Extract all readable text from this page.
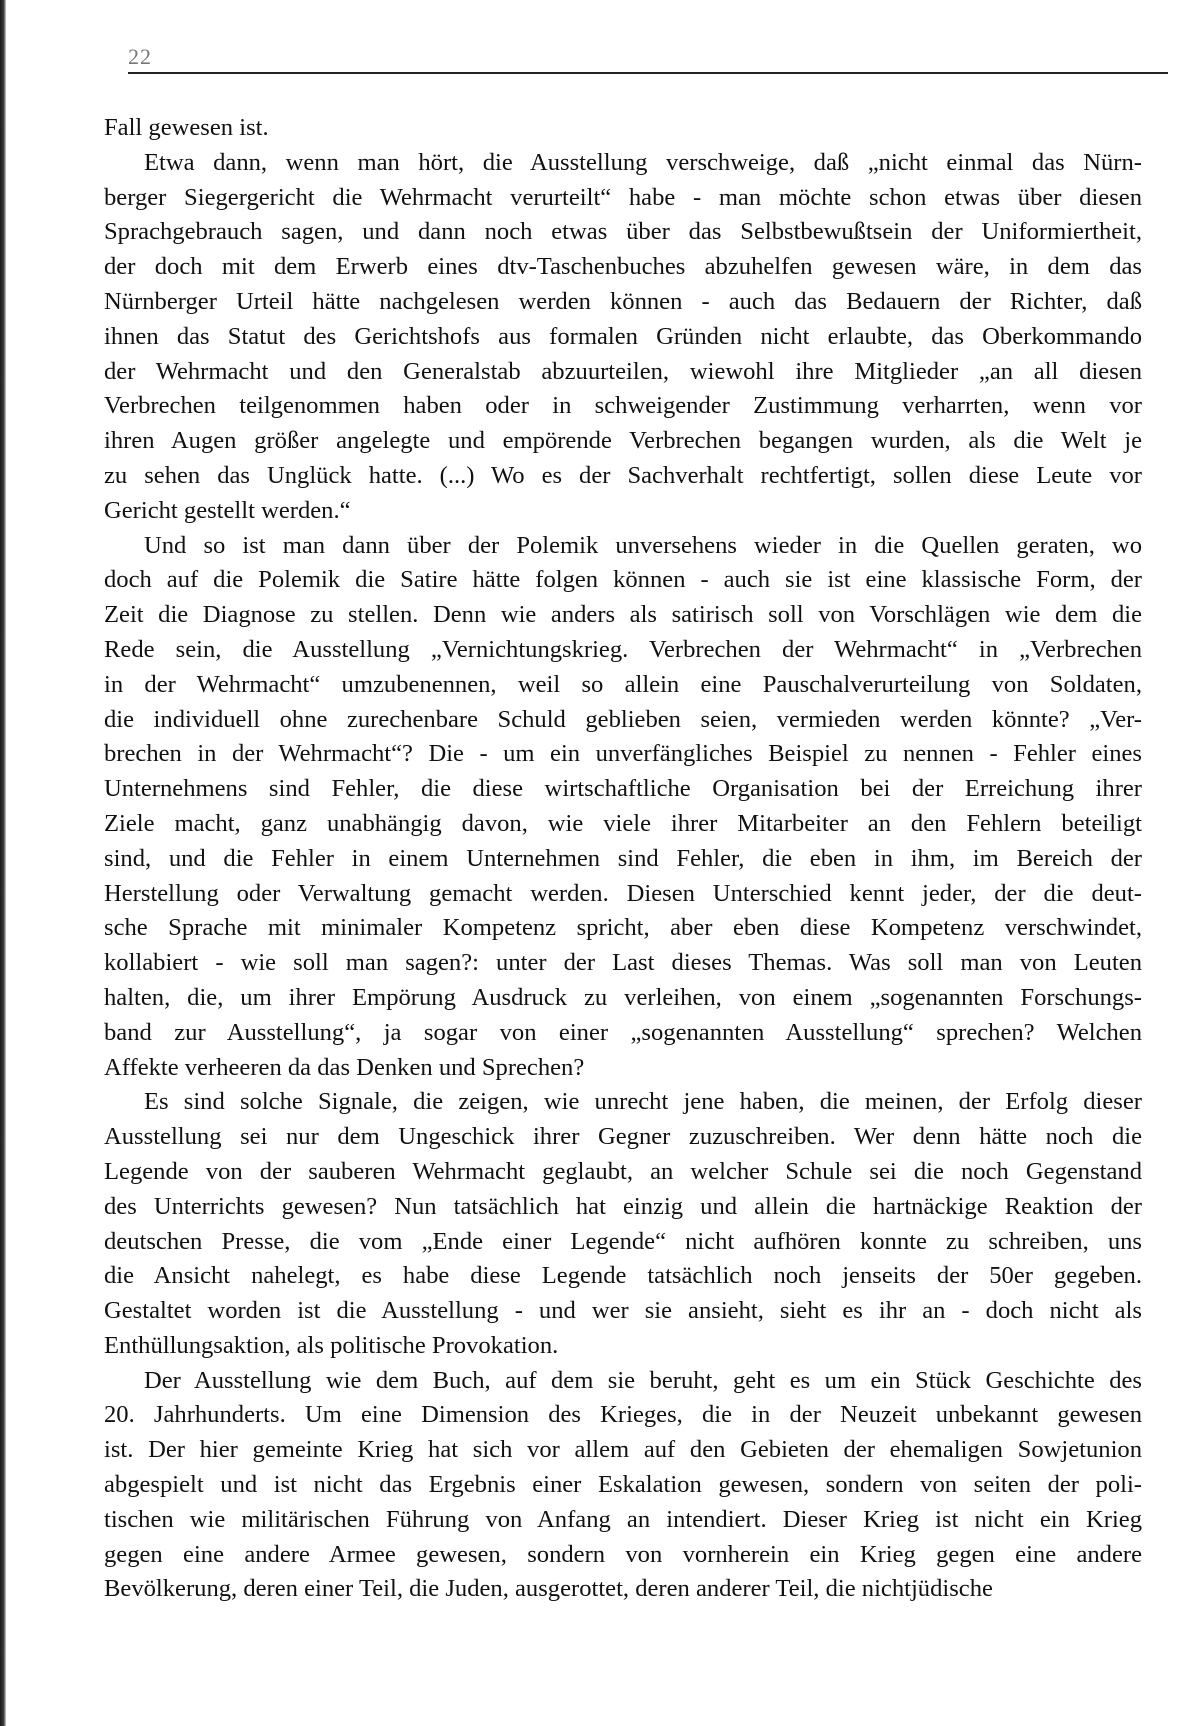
22
Fall gewesen ist.
Etwa dann, wenn man hört, die Ausstellung verschweige, daß „nicht einmal das Nürn-
berger Siegergericht die Wehrmacht verurteilt“ habe - man möchte schon etwas über diesen
Sprachgebrauch sagen, und dann noch etwas über das Selbstbewußtsein der Uniformiertheit,
der doch mit dem Erwerb eines dtv-Taschenbuches abzuhelfen gewesen wäre, in dem das
Nürnberger Urteil hätte nachgelesen werden können - auch das Bedauern der Richter, daß
ihnen das Statut des Gerichtshofs aus formalen Gründen nicht erlaubte, das Oberkommando
der Wehrmacht und den Generalstab abzuurteilen, wiewohl ihre Mitglieder „an all diesen
Verbrechen teilgenommen haben oder in schweigender Zustimmung verharrten, wenn vor
ihren Augen größer angelegte und empörende Verbrechen begangen wurden, als die Welt je
zu sehen das Unglück hatte. (...) Wo es der Sachverhalt rechtfertigt, sollen diese Leute vor
Gericht gestellt werden.“
Und so ist man dann über der Polemik unversehens wieder in die Quellen geraten, wo
doch auf die Polemik die Satire hätte folgen können - auch sie ist eine klassische Form, der
Zeit die Diagnose zu stellen. Denn wie anders als satirisch soll von Vorschlägen wie dem die
Rede sein, die Ausstellung „Vernichtungskrieg. Verbrechen der Wehrmacht“ in „Verbrechen
in der Wehrmacht“ umzubenennen, weil so allein eine Pauschalverurteilung von Soldaten,
die individuell ohne zurechenbare Schuld geblieben seien, vermieden werden könnte? „Ver-
brechen in der Wehrmacht“? Die - um ein unverfängliches Beispiel zu nennen - Fehler eines
Unternehmens sind Fehler, die diese wirtschaftliche Organisation bei der Erreichung ihrer
Ziele macht, ganz unabhängig davon, wie viele ihrer Mitarbeiter an den Fehlern beteiligt
sind, und die Fehler in einem Unternehmen sind Fehler, die eben in ihm, im Bereich der
Herstellung oder Verwaltung gemacht werden. Diesen Unterschied kennt jeder, der die deut-
sche Sprache mit minimaler Kompetenz spricht, aber eben diese Kompetenz verschwindet,
kollabiert - wie soll man sagen?: unter der Last dieses Themas. Was soll man von Leuten
halten, die, um ihrer Empörung Ausdruck zu verleihen, von einem „sogenannten Forschungs-
band zur Ausstellung“, ja sogar von einer „sogenannten Ausstellung“ sprechen? Welchen
Affekte verheeren da das Denken und Sprechen?
Es sind solche Signale, die zeigen, wie unrecht jene haben, die meinen, der Erfolg dieser
Ausstellung sei nur dem Ungeschick ihrer Gegner zuzuschreiben. Wer denn hätte noch die
Legende von der sauberen Wehrmacht geglaubt, an welcher Schule sei die noch Gegenstand
des Unterrichts gewesen? Nun tatsächlich hat einzig und allein die hartnäckige Reaktion der
deutschen Presse, die vom „Ende einer Legende“ nicht aufhören konnte zu schreiben, uns
die Ansicht nahelegt, es habe diese Legende tatsächlich noch jenseits der 50er gegeben.
Gestaltet worden ist die Ausstellung - und wer sie ansieht, sieht es ihr an - doch nicht als
Enthüllungsaktion, als politische Provokation.
Der Ausstellung wie dem Buch, auf dem sie beruht, geht es um ein Stück Geschichte des
20. Jahrhunderts. Um eine Dimension des Krieges, die in der Neuzeit unbekannt gewesen
ist. Der hier gemeinte Krieg hat sich vor allem auf den Gebieten der ehemaligen Sowjetunion
abgespielt und ist nicht das Ergebnis einer Eskalation gewesen, sondern von seiten der poli-
tischen wie militärischen Führung von Anfang an intendiert. Dieser Krieg ist nicht ein Krieg
gegen eine andere Armee gewesen, sondern von vornherein ein Krieg gegen eine andere
Bevölkerung, deren einer Teil, die Juden, ausgerottet, deren anderer Teil, die nichtjüdische
